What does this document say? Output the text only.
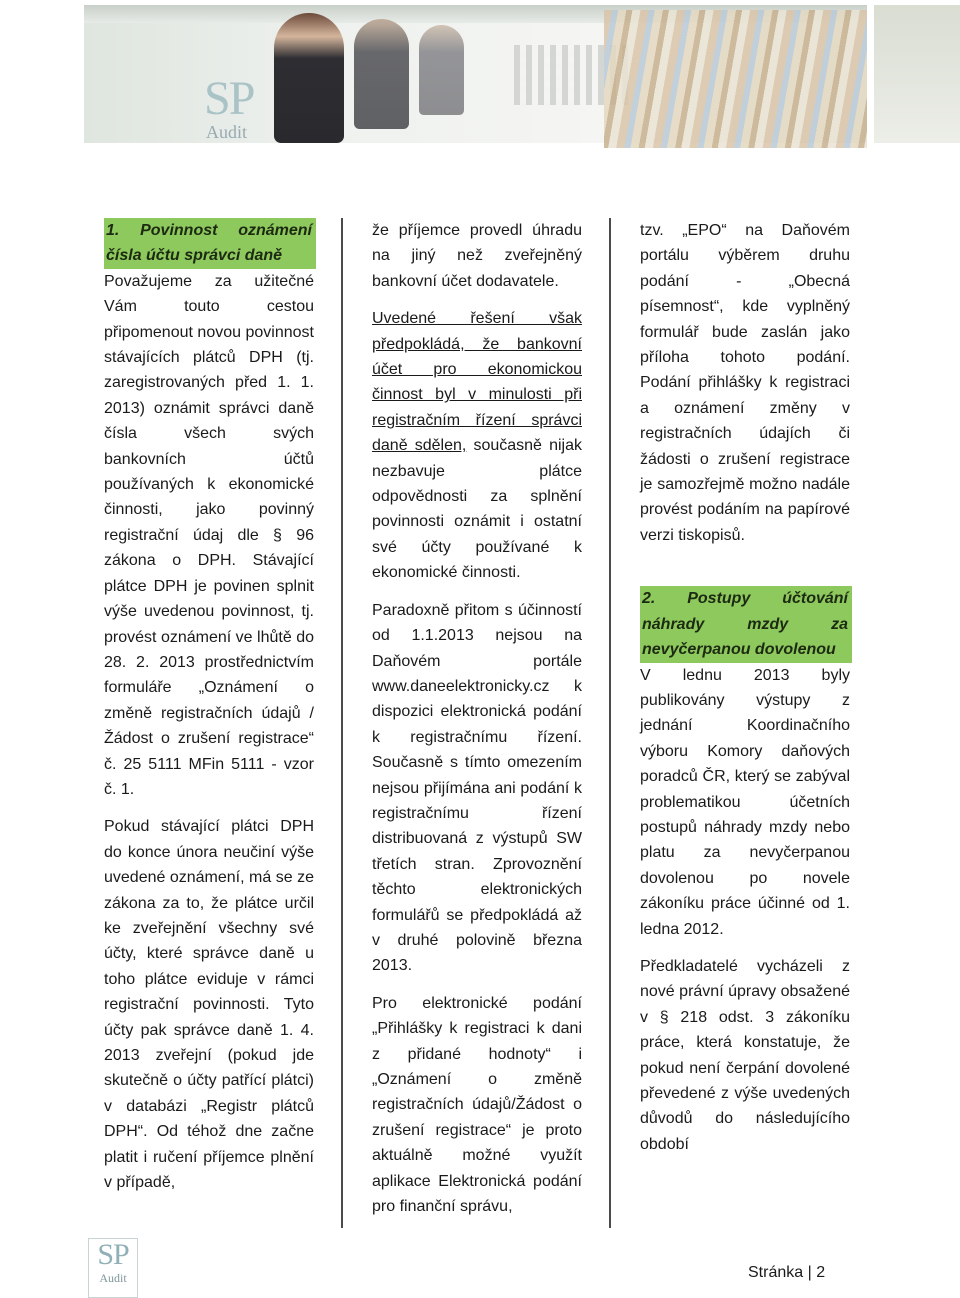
SP
Audit

1. Povinnost oznámení čísla účtu správci daně

Považujeme za užitečné Vám touto cestou připomenout novou povinnost stávajících plátců DPH (tj. zaregistrovaných před 1. 1. 2013) oznámit správci daně čísla všech svých bankovních účtů používaných k ekonomické činnosti, jako povinný registrační údaj dle § 96 zákona o DPH. Stávající plátce DPH je povinen splnit výše uvedenou povinnost, tj. provést oznámení ve lhůtě do 28. 2. 2013 prostřednictvím formuláře „Oznámení o změně registračních údajů / Žádost o zrušení registrace“ č. 25 5111 MFin 5111 - vzor č. 1.

Pokud stávající plátci DPH do konce února neučiní výše uvedené oznámení, má se ze zákona za to, že plátce určil ke zveřejnění všechny své účty, které správce daně u toho plátce eviduje v rámci registrační povinnosti. Tyto účty pak správce daně 1. 4. 2013 zveřejní (pokud jde skutečně o účty patřící plátci) v databázi „Registr plátců DPH“. Od téhož dne začne platit i ručení příjemce plnění v případě,

že příjemce provedl úhradu na jiný než zveřejněný bankovní účet dodavatele.

Uvedené řešení však předpokládá, že bankovní účet pro ekonomickou činnost byl v minulosti při registračním řízení správci daně sdělen, současně nijak nezbavuje plátce odpovědnosti za splnění povinnosti oznámit i ostatní své účty používané k ekonomické činnosti.

Paradoxně přitom s účinností od 1.1.2013 nejsou na Daňovém portále www.daneelektronicky.cz k dispozici elektronická podání k registračnímu řízení. Současně s tímto omezením nejsou přijímána ani podání k registračnímu řízení distribuovaná z výstupů SW třetích stran. Zprovoznění těchto elektronických formulářů se předpokládá až v druhé polovině března 2013.

Pro elektronické podání „Přihlášky k registraci k dani z přidané hodnoty“ i „Oznámení o změně registračních údajů/Žádost o zrušení registrace“ je proto aktuálně možné využít aplikace Elektronická podání pro finanční správu,

tzv. „EPO“ na Daňovém portálu výběrem druhu podání - „Obecná písemnost“, kde vyplněný formulář bude zaslán jako příloha tohoto podání. Podání přihlášky k registraci a oznámení změny v registračních údajích či žádosti o zrušení registrace je samozřejmě možno nadále provést podáním na papírové verzi tiskopisů.

2. Postupy účtování náhrady mzdy za nevyčerpanou dovolenou

V lednu 2013 byly publikovány výstupy z jednání Koordinačního výboru Komory daňových poradců ČR, který se zabýval problematikou účetních postupů náhrady mzdy nebo platu za nevyčerpanou dovolenou po novele zákoníku práce účinné od 1. ledna 2012.

Předkladatelé vycházeli z nové právní úpravy obsažené v § 218 odst. 3 zákoníku práce, která konstatuje, že pokud není čerpání dovolené převedené z výše uvedených důvodů do následujícího období

SP
Audit	Stránka | 2
